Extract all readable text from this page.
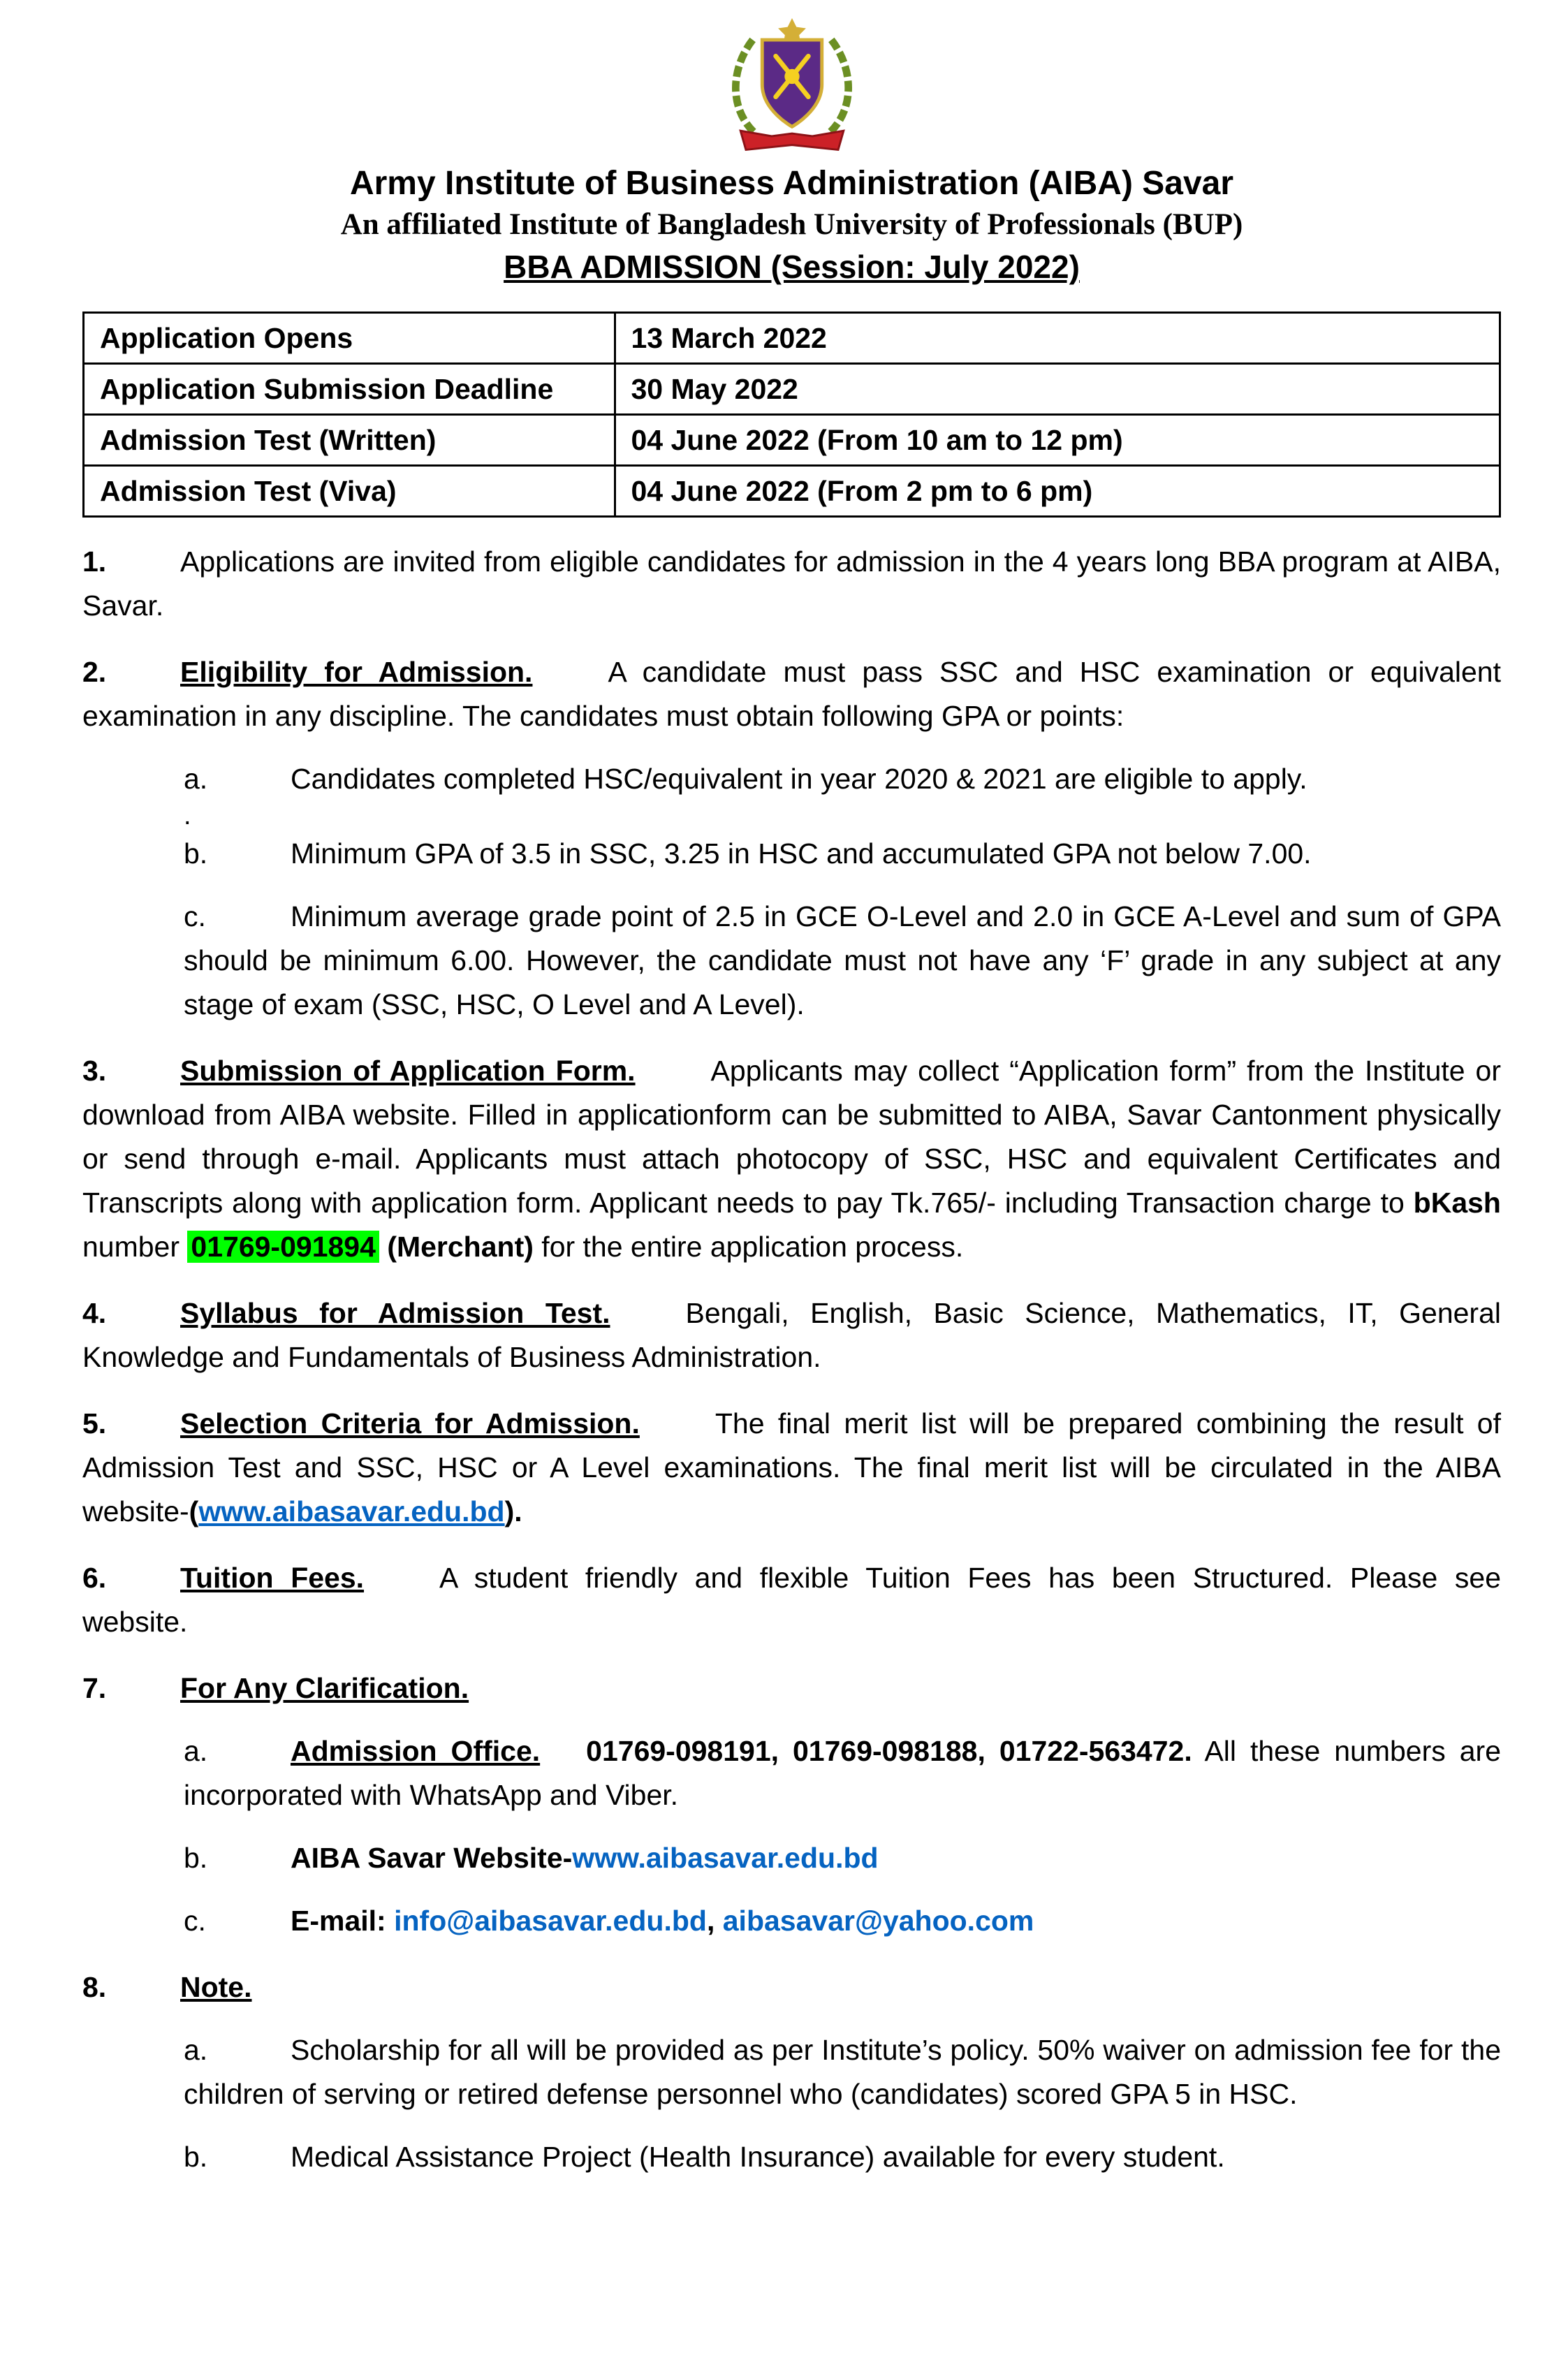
Army Institute of Business Administration (AIBA) Savar
An affiliated Institute of Bangladesh University of Professionals (BUP)
BBA ADMISSION (Session: July 2022)
Application Opens	13 March 2022
Application Submission Deadline	30 May 2022
Admission Test (Written)	04 June 2022 (From 10 am to 12 pm)
Admission Test (Viva)	04 June 2022 (From 2 pm to 6 pm)

1.	Applications are invited from eligible candidates for admission in the 4 years long BBA program at AIBA, Savar.

2.	Eligibility for Admission.	A candidate must pass SSC and HSC examination or equivalent examination in any discipline. The candidates must obtain following GPA or points:

a.	Candidates completed HSC/equivalent in year 2020 & 2021 are eligible to apply.

.

b.	Minimum GPA of 3.5 in SSC, 3.25 in HSC and accumulated GPA not below 7.00.

c.	Minimum average grade point of 2.5 in GCE O-Level and 2.0 in GCE A-Level and sum of GPA should be minimum 6.00. However, the candidate must not have any ‘F’ grade in any subject at any stage of exam (SSC, HSC, O Level and A Level).

3.	Submission of Application Form.	Applicants may collect “Application form” from the Institute or download from AIBA website. Filled in applicationform can be submitted to AIBA, Savar Cantonment physically or send through e-mail. Applicants must attach photocopy of SSC, HSC and equivalent Certificates and Transcripts along with application form. Applicant needs to pay Tk.765/- including Transaction charge to bKash number 01769-091894 (Merchant) for the entire application process.

4.	Syllabus for Admission Test.	Bengali, English, Basic Science, Mathematics, IT, General Knowledge and Fundamentals of Business Administration.

5.	Selection Criteria for Admission.	The final merit list will be prepared combining the result of Admission Test and SSC, HSC or A Level examinations. The final merit list will be circulated in the AIBA website-(www.aibasavar.edu.bd).

6.	Tuition Fees.	A student friendly and flexible Tuition Fees has been Structured. Please see website.

7.	For Any Clarification.

a.	Admission Office. 01769-098191, 01769-098188, 01722-563472. All these numbers are incorporated with WhatsApp and Viber.

b.	AIBA Savar Website-www.aibasavar.edu.bd

c.	E-mail: info@aibasavar.edu.bd, aibasavar@yahoo.com

8.	Note.

a.	Scholarship for all will be provided as per Institute’s policy. 50% waiver on admission fee for the children of serving or retired defense personnel who (candidates) scored GPA 5 in HSC.

b.	Medical Assistance Project (Health Insurance) available for every student.
